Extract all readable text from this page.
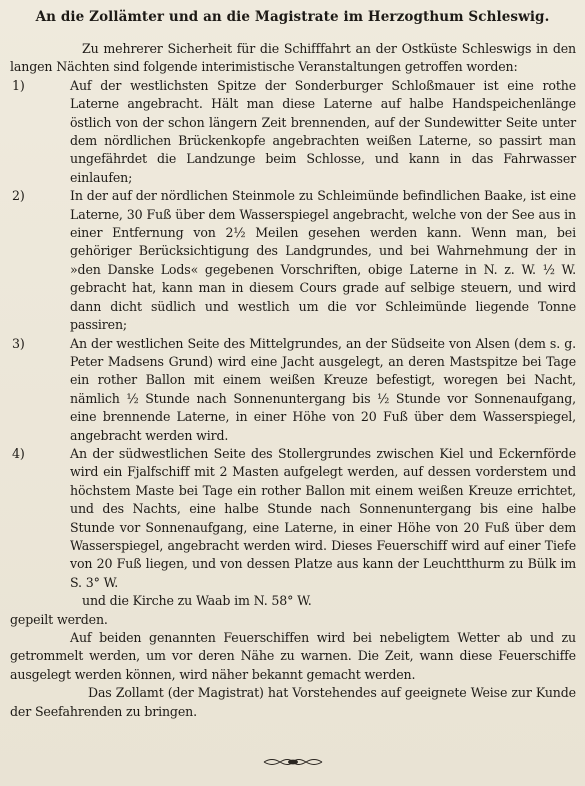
An die Zollämter und an die Magistrate im Herzogthum Schleswig.

Zu mehrerer Sicherheit für die Schifffahrt an der Ostküste Schleswigs in den langen Nächten sind folgende interimistische Veranstaltungen getroffen worden:

1)	Auf der westlichsten Spitze der Sonderburger Schloßmauer ist eine rothe Laterne angebracht. Hält man diese Laterne auf halbe Handspeichenlänge östlich von der schon längern Zeit brennenden, auf der Sundewitter Seite unter dem nördlichen Brückenkopfe angebrachten weißen Laterne, so passirt man ungefährdet die Landzunge beim Schlosse, und kann in das Fahrwasser einlaufen;
2)	In der auf der nördlichen Steinmole zu Schleimünde befindlichen Baake, ist eine Laterne, 30 Fuß über dem Wasserspiegel angebracht, welche von der See aus in einer Entfernung von 2½ Meilen gesehen werden kann. Wenn man, bei gehöriger Berücksichtigung des Landgrundes, und bei Wahrnehmung der in »den Danske Lods« gegebenen Vorschriften, obige Laterne in N. z. W. ½ W. gebracht hat, kann man in diesem Cours grade auf selbige steuern, und wird dann dicht südlich und westlich um die vor Schleimünde liegende Tonne passiren;
3)	An der westlichen Seite des Mittelgrundes, an der Südseite von Alsen (dem s. g. Peter Madsens Grund) wird eine Jacht ausgelegt, an deren Mastspitze bei Tage ein rother Ballon mit einem weißen Kreuze befestigt, woregen bei Nacht, nämlich ½ Stunde nach Sonnenuntergang bis ½ Stunde vor Sonnenaufgang, eine brennende Laterne, in einer Höhe von 20 Fuß über dem Wasserspiegel, angebracht werden wird.
4)	An der südwestlichen Seite des Stollergrundes zwischen Kiel und Eckernförde wird ein Fjalfschiff mit 2 Masten aufgelegt werden, auf dessen vorderstem und höchstem Maste bei Tage ein rother Ballon mit einem weißen Kreuze errichtet, und des Nachts, eine halbe Stunde nach Sonnenuntergang bis eine halbe Stunde vor Sonnenaufgang, eine Laterne, in einer Höhe von 20 Fuß über dem Wasserspiegel, angebracht werden wird. Dieses Feuerschiff wird auf einer Tiefe von 20 Fuß liegen, und von dessen Platze aus kann der Leuchtthurm zu Bülk im S. 3° W.

und die Kirche zu Waab im N. 58° W.

gepeilt werden.

Auf beiden genannten Feuerschiffen wird bei nebeligtem Wetter ab und zu getrommelt werden, um vor deren Nähe zu warnen. Die Zeit, wann diese Feuerschiffe ausgelegt werden können, wird näher bekannt gemacht werden.

Das Zollamt (der Magistrat) hat Vorstehendes auf geeignete Weise zur Kunde der Seefahrenden zu bringen.
